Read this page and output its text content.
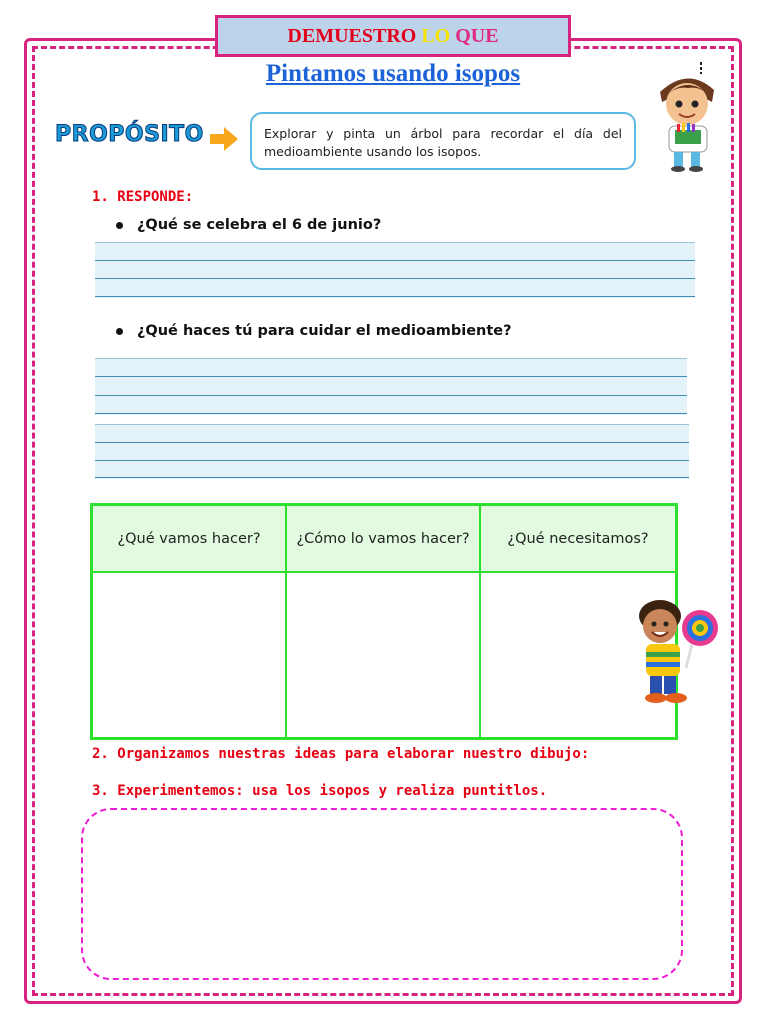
DEMUESTRO
LO
QUE
Pintamos usando isopos
PROPÓSITO	Explorar y pinta un árbol para recordar el día del medioambiente usando los isopos.
1. RESPONDE:
¿Qué se celebra el 6 de junio?
¿Qué haces tú para cuidar el medioambiente?
¿Qué vamos hacer?	¿Cómo lo vamos hacer?	¿Qué necesitamos?
2. Organizamos nuestras ideas para elaborar nuestro dibujo:
3. Experimentemos: usa los isopos y realiza puntitlos.
